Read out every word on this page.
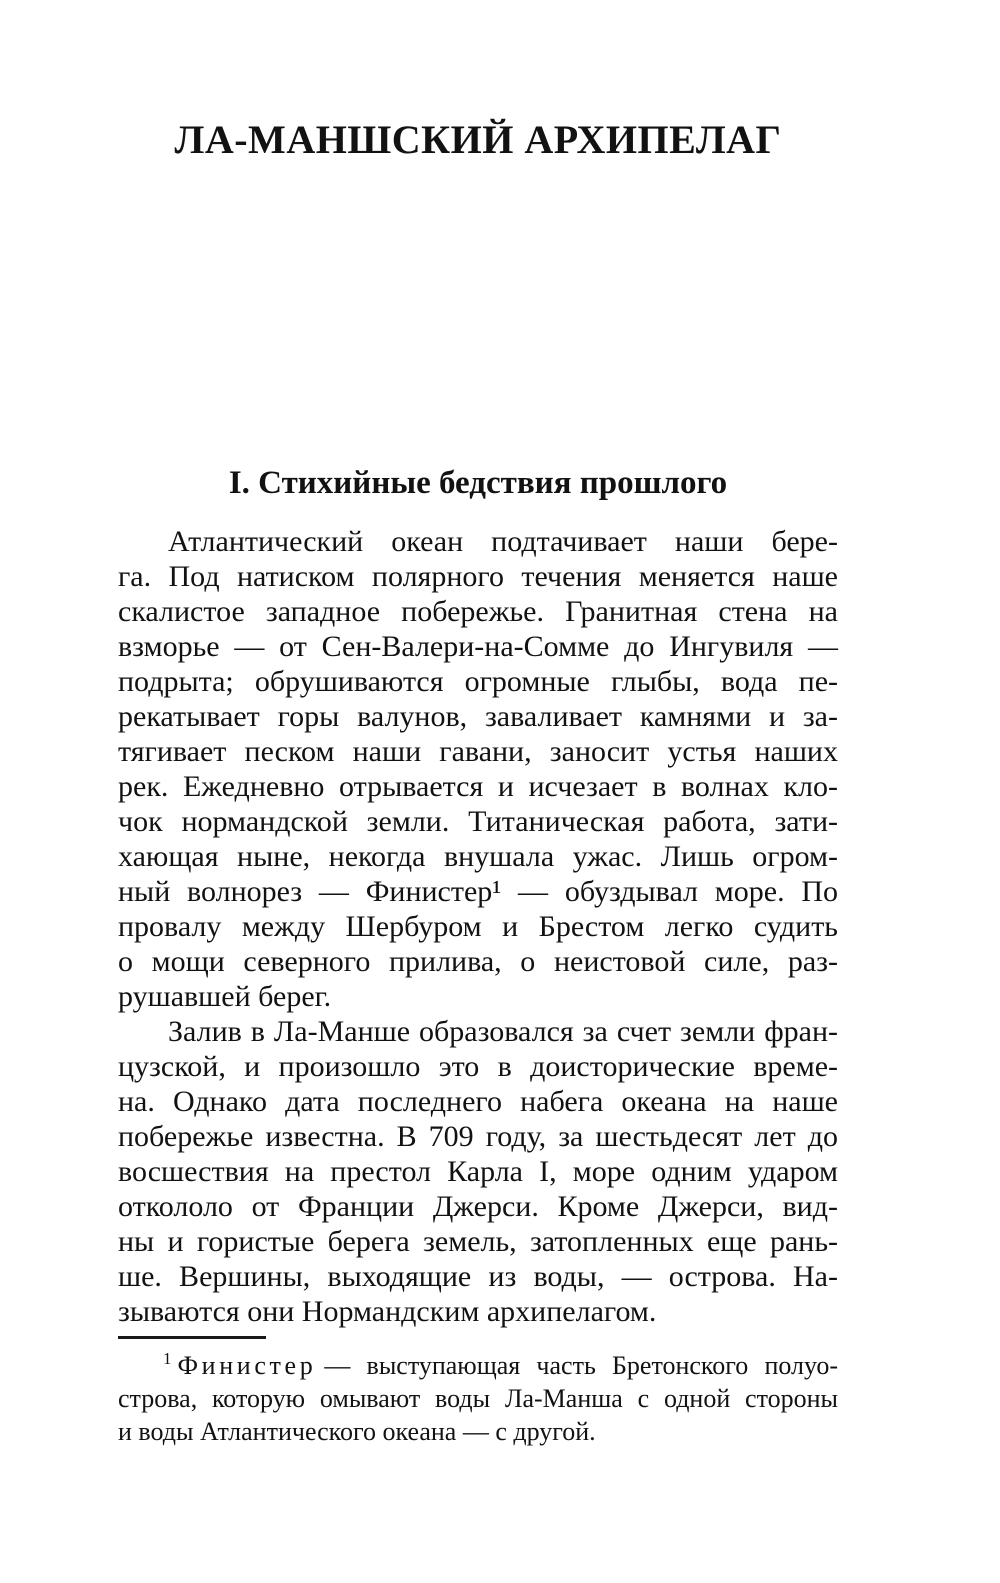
ЛА-МАНШСКИЙ АРХИПЕЛАГ
I. Стихийные бедствия прошлого
Атлантический океан подтачивает наши бере-
га. Под натиском полярного течения меняется наше
скалистое западное побережье. Гранитная стена на
взморье — от Сен-Валери-на-Сомме до Ингувиля —
подрыта; обрушиваются огромные глыбы, вода пе-
рекатывает горы валунов, заваливает камнями и за-
тягивает песком наши гавани, заносит устья наших
рек. Ежедневно отрывается и исчезает в волнах кло-
чок нормандской земли. Титаническая работа, зати-
хающая ныне, некогда внушала ужас. Лишь огром-
ный волнорез — Финистер¹ — обуздывал море. По
провалу между Шербуром и Брестом легко судить
о мощи северного прилива, о неистовой силе, раз-
рушавшей берег.
Залив в Ла-Манше образовался за счет земли фран-
цузской, и произошло это в доисторические време-
на. Однако дата последнего набега океана на наше
побережье известна. В 709 году, за шестьдесят лет до
восшествия на престол Карла I, море одним ударом
откололо от Франции Джерси. Кроме Джерси, вид-
ны и гористые берега земель, затопленных еще рань-
ше. Вершины, выходящие из воды, — острова. На-
зываются они Нормандским архипелагом.
$^1$ Финистер — выступающая часть Бретонского полуо-
строва, которую омывают воды Ла-Манша с одной стороны
и воды Атлантического океана — с другой.
